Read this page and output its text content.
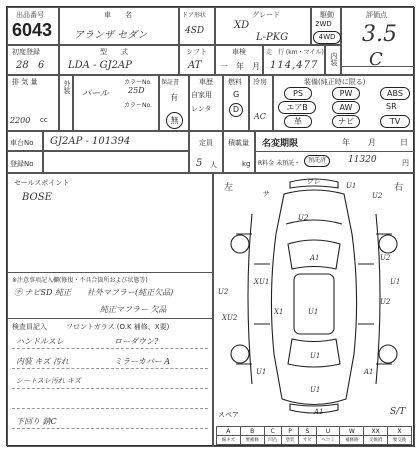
出品番号
6043
車　　名
アランザ セダン
ドア形状
4SD
グレード
XD
L-PKG
駆動
2WD
4WD
評価点
3.5
初度登録
28 6
型　　式
LDA - GJ2AP
シフト
AT
車検
一　年　月
走　行 (km・マイル)
114,477 内装 C
排 気 量
2200 cc
外装	カラーNo.
パール 25D
カラーNo.
保証書
有
無
車歴
自家用
レンタ
燃料
G
D
冷房
AC
装備(純正時に限る)
PS	PW	ABS
エアB	AW	SR
革	ナビ	TV
車台No GJ2AP - 101394
登録No
定員
5 人
積載量
kg
名変期限	年 月	日
R料金 未預託・	預託済	11320	円
セールスポイント
BOSE
※注意事項記入欄(修復・不具合箇所および状態等)
㋠ ナビSD 純正　　社外マフラー(純正欠品)
純正マフラー 欠品
検査員記入	フロントガラス (O.K 補修、X要)
ハンドルスレ	ローダウン?
内装 キズ 汚れ	ミラーカバー A
シートスレ汚れ キズ
下回り 錆C
左	右
サ
ワレ	U1
U2
XU1
U2
U2
U1
U2
A1
XU2
X1	U1
U2
U1
U1	A1
U1
A1	S/T
スペア
A	B	C	P	S	U	W	XX	X
線キズ	要補修	凹凸	塗装	サビ	ヘコミ	補修跡	交換済	要交換
